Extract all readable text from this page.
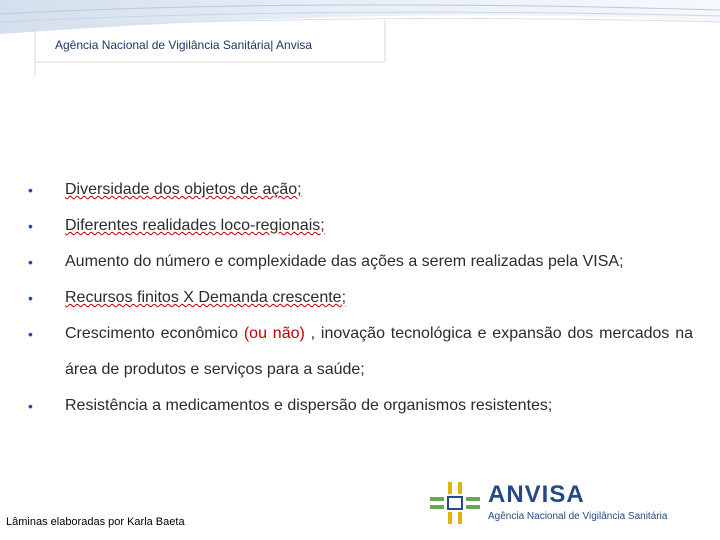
Agência Nacional de Vigilância Sanitária| Anvisa
• Diversidade dos objetos de ação;
• Diferentes realidades loco-regionais;
• Aumento do número e complexidade das ações a serem realizadas pela VISA;
• Recursos finitos X Demanda crescente;
• Crescimento econômico (ou não) , inovação tecnológica e expansão dos mercados na área de produtos e serviços para a saúde;
• Resistência a medicamentos e dispersão de organismos resistentes;
Lâminas elaboradas por Karla Baeta
ANVISA
Agência Nacional de Vigilância Sanitária
